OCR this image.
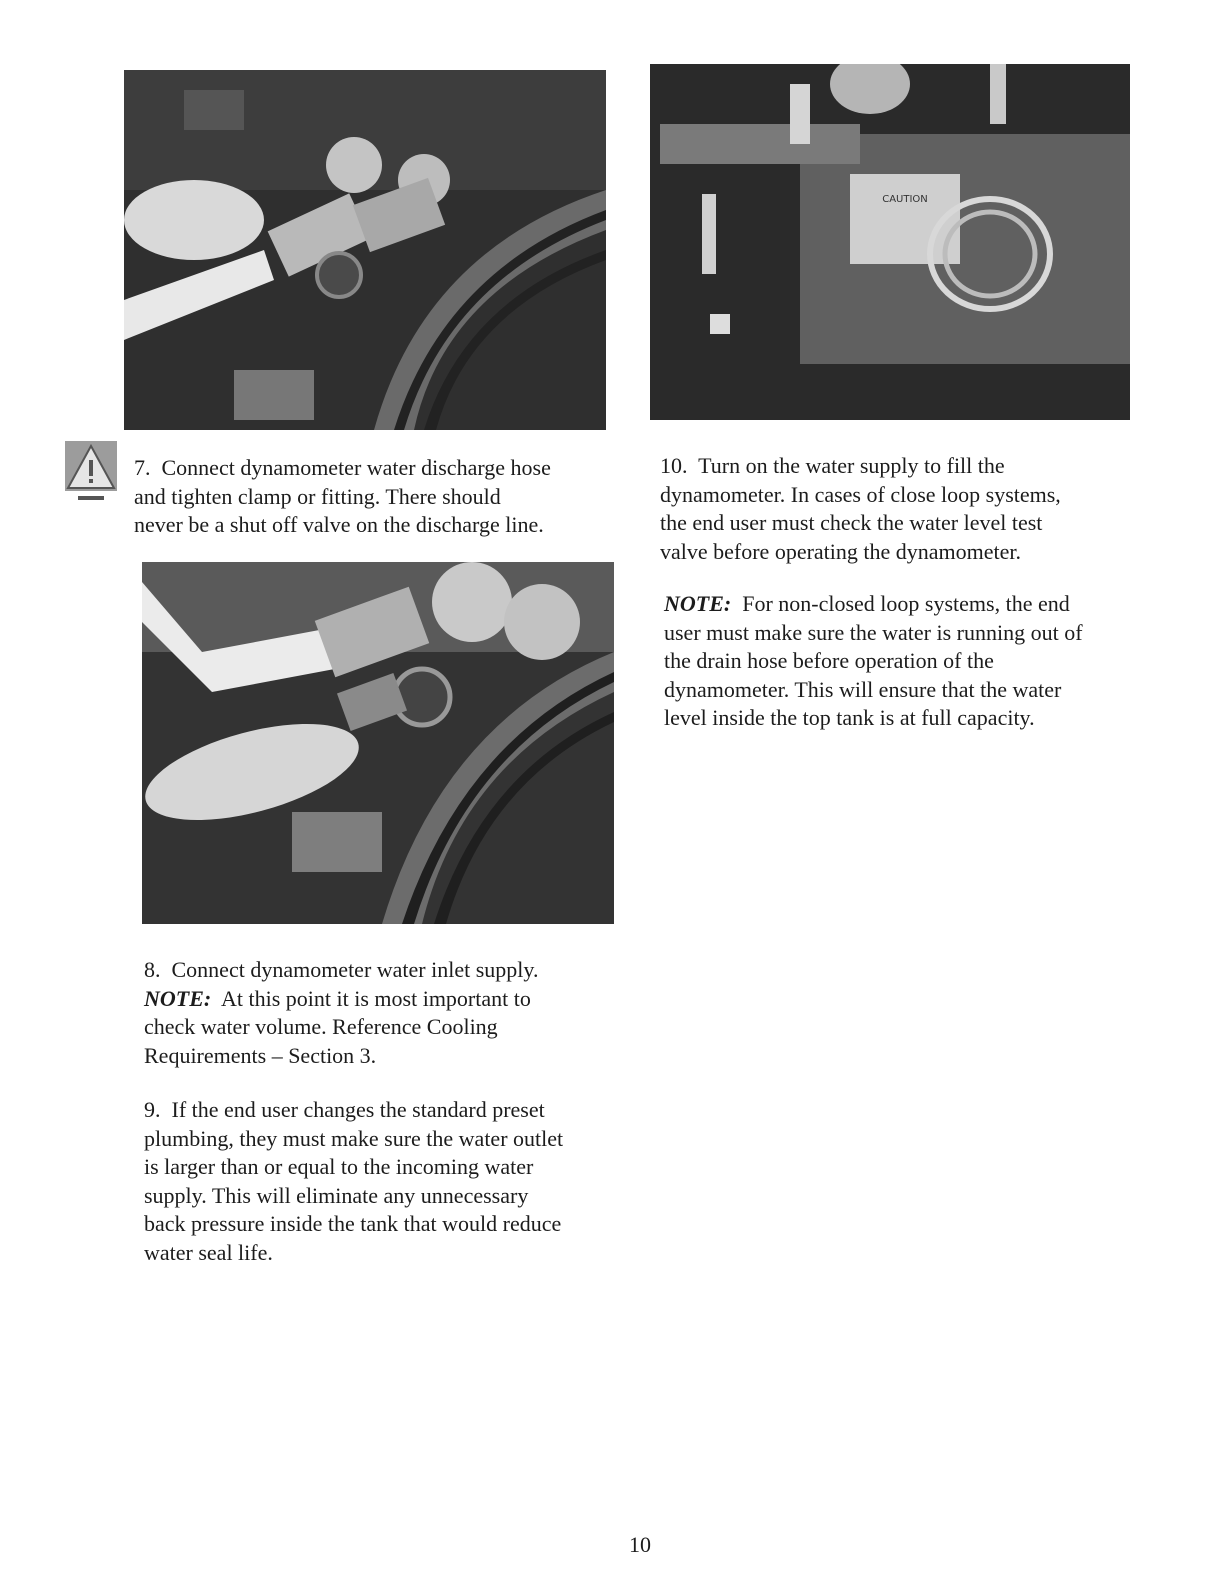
CAUTION

7. Connect dynamometer water discharge hose
and tighten clamp or fitting. There should
never be a shut off valve on the discharge line.

8. Connect dynamometer water inlet supply.
NOTE: At this point it is most important to
check water volume. Reference Cooling
Requirements – Section 3.

9. If the end user changes the standard preset
plumbing, they must make sure the water outlet
is larger than or equal to the incoming water
supply. This will eliminate any unnecessary
back pressure inside the tank that would reduce
water seal life.

10. Turn on the water supply to fill the
dynamometer. In cases of close loop systems,
the end user must check the water level test
valve before operating the dynamometer.

NOTE: For non-closed loop systems, the end
user must make sure the water is running out of
the drain hose before operation of the
dynamometer. This will ensure that the water
level inside the top tank is at full capacity.

10
